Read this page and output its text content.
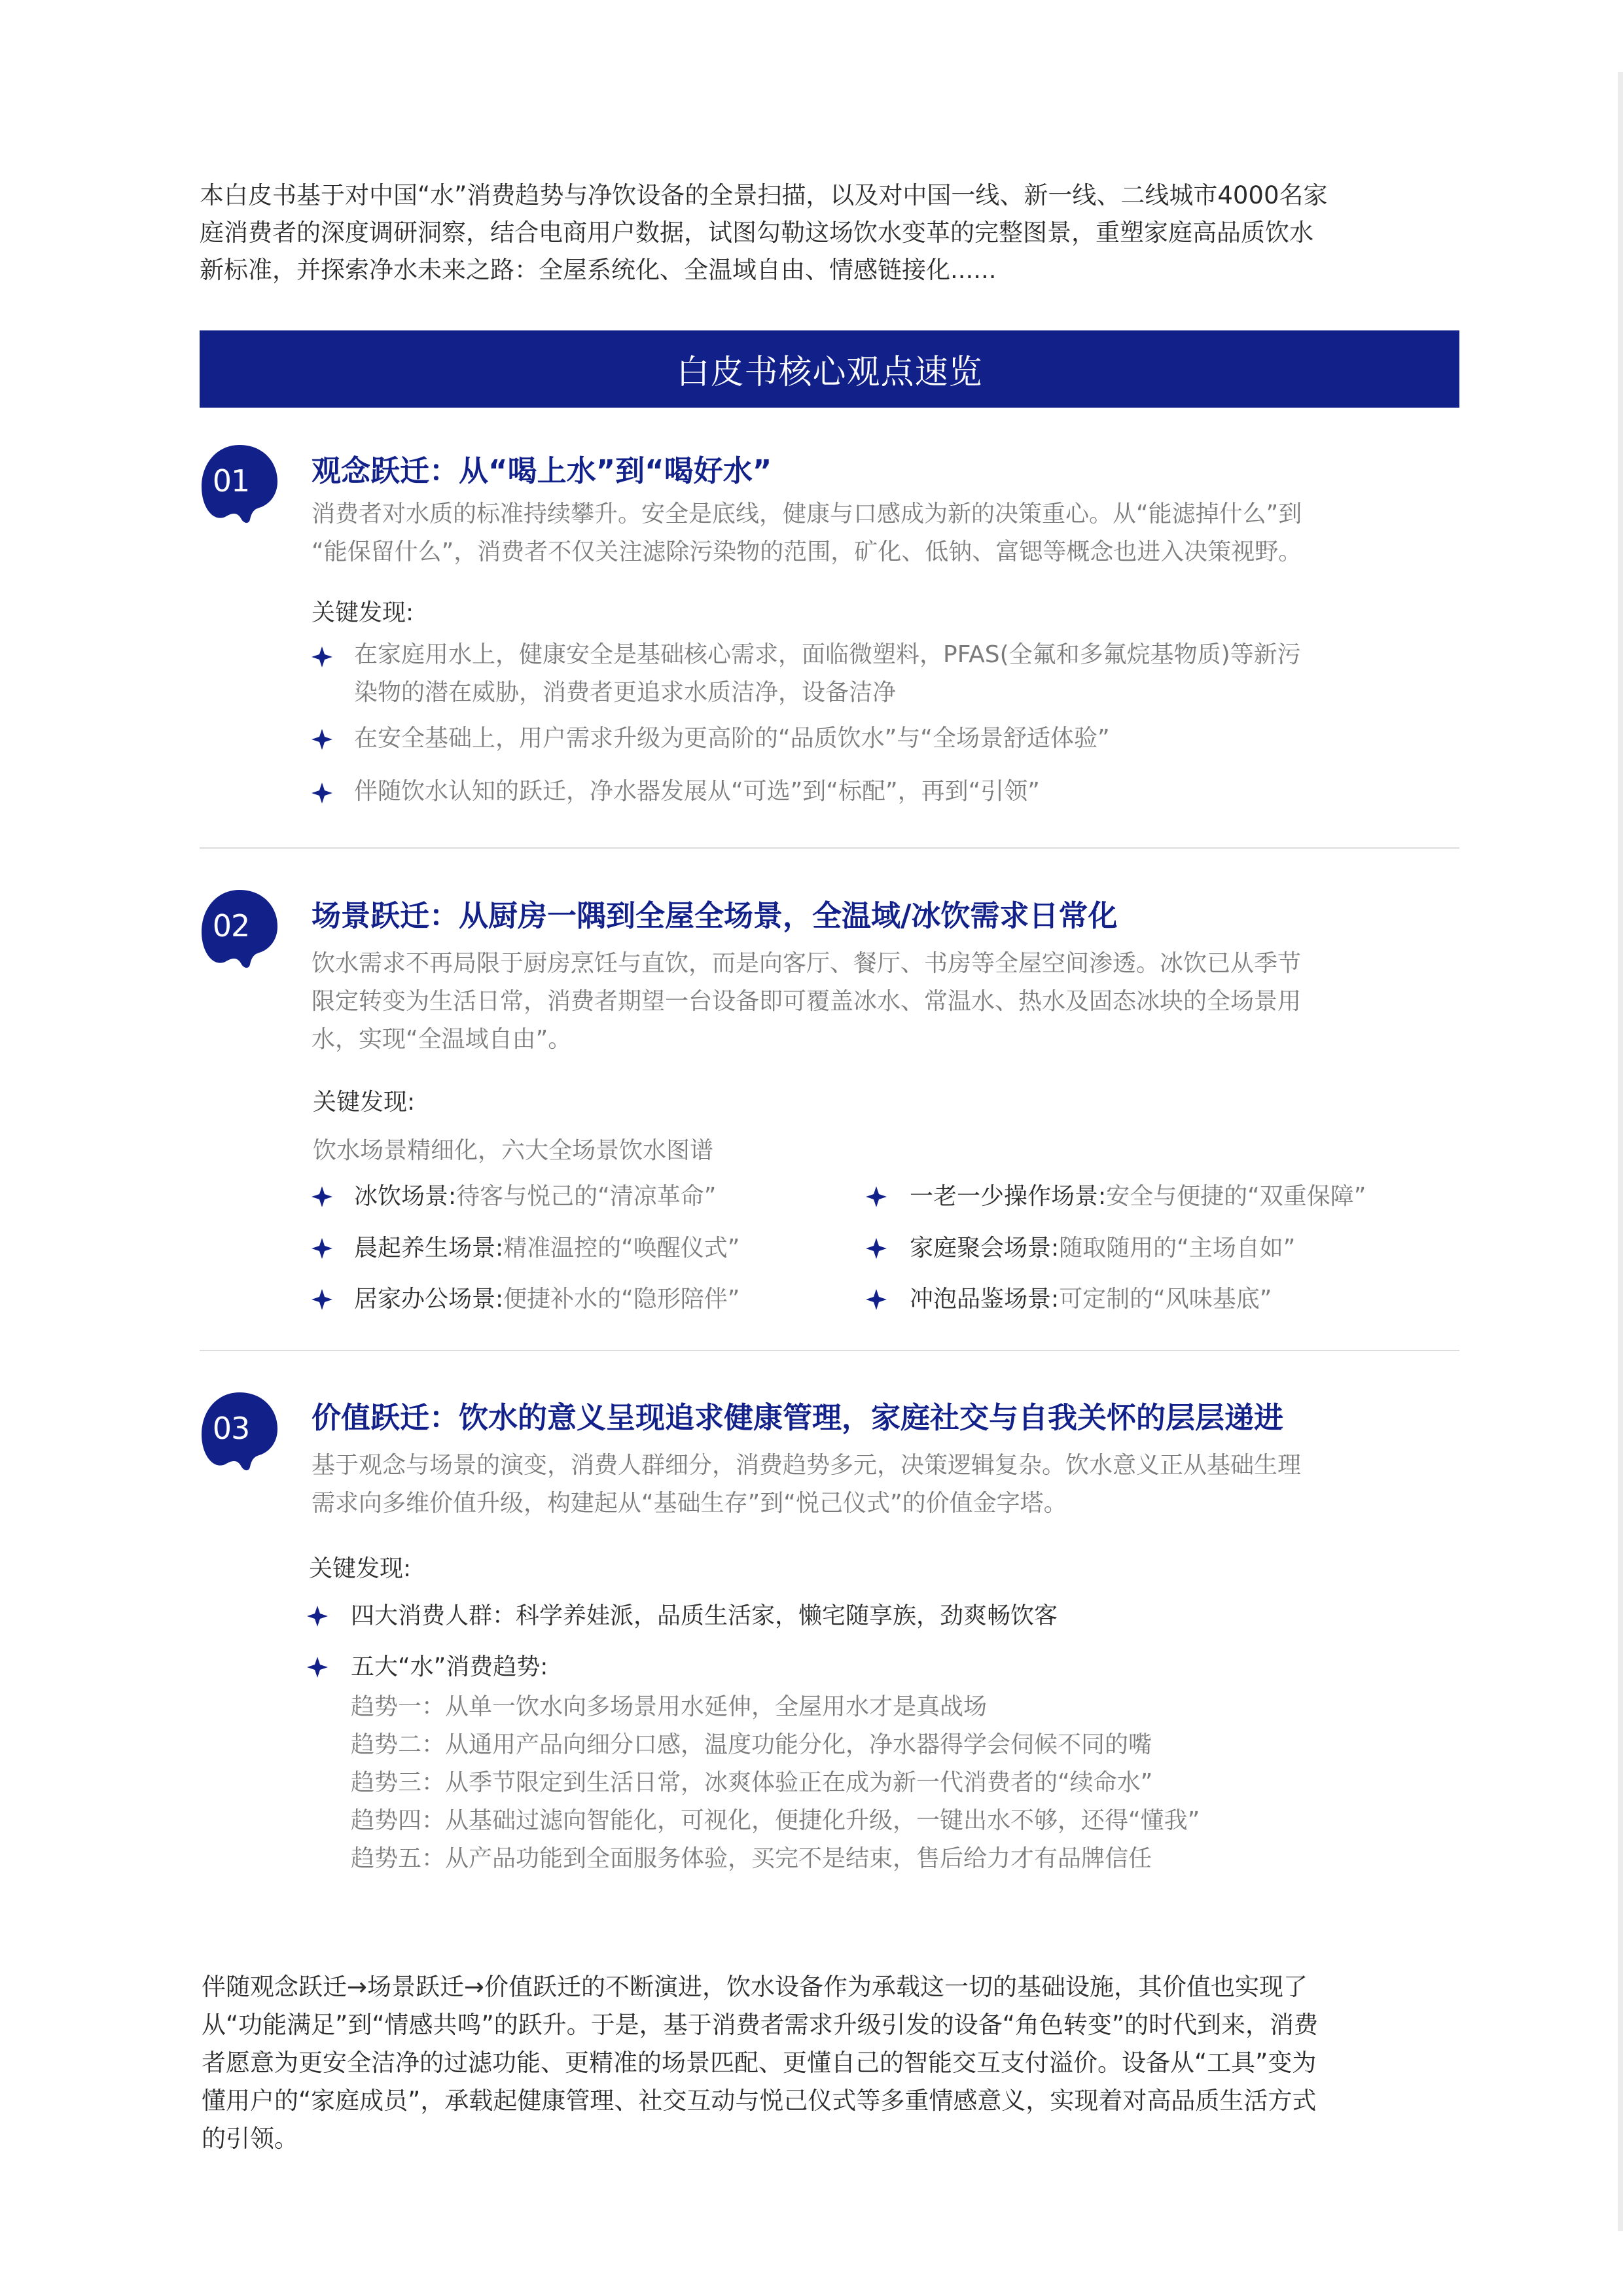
本白皮书基于对中国“水”消费趋势与净饮设备的全景扫描，以及对中国一线、新一线、二线城市4000名家
庭消费者的深度调研洞察，结合电商用户数据，试图勾勒这场饮水变革的完整图景，重塑家庭高品质饮水
新标准，并探索净水未来之路：全屋系统化、全温域自由、情感链接化......
白皮书核心观点速览
01 观念跃迁：从“喝上水”到“喝好水”
消费者对水质的标准持续攀升。安全是底线，健康与口感成为新的决策重心。从“能滤掉什么”到
“能保留什么”，消费者不仅关注滤除污染物的范围，矿化、低钠、富锶等概念也进入决策视野。
关键发现:
在家庭用水上，健康安全是基础核心需求，面临微塑料，PFAS(全氟和多氟烷基物质)等新污
染物的潜在威胁，消费者更追求水质洁净，设备洁净
在安全基础上，用户需求升级为更高阶的“品质饮水”与“全场景舒适体验”
伴随饮水认知的跃迁，净水器发展从“可选”到“标配”，再到“引领”
02 场景跃迁：从厨房一隅到全屋全场景，全温域/冰饮需求日常化
饮水需求不再局限于厨房烹饪与直饮，而是向客厅、餐厅、书房等全屋空间渗透。冰饮已从季节
限定转变为生活日常，消费者期望一台设备即可覆盖冰水、常温水、热水及固态冰块的全场景用
水，实现“全温域自由”。
关键发现:
饮水场景精细化，六大全场景饮水图谱
冰饮场景:待客与悦己的“清凉革命”	一老一少操作场景:安全与便捷的“双重保障”
晨起养生场景:精准温控的“唤醒仪式”	家庭聚会场景:随取随用的“主场自如”
居家办公场景:便捷补水的“隐形陪伴”	冲泡品鉴场景:可定制的“风味基底”
03 价值跃迁：饮水的意义呈现追求健康管理，家庭社交与自我关怀的层层递进
基于观念与场景的演变，消费人群细分，消费趋势多元，决策逻辑复杂。饮水意义正从基础生理
需求向多维价值升级，构建起从“基础生存”到“悦己仪式”的价值金字塔。
关键发现:
四大消费人群：科学养娃派，品质生活家，懒宅随享族，劲爽畅饮客
五大“水”消费趋势:
趋势一：从单一饮水向多场景用水延伸，全屋用水才是真战场
趋势二：从通用产品向细分口感，温度功能分化，净水器得学会伺候不同的嘴
趋势三：从季节限定到生活日常，冰爽体验正在成为新一代消费者的“续命水”
趋势四：从基础过滤向智能化，可视化，便捷化升级，一键出水不够，还得“懂我”
趋势五：从产品功能到全面服务体验，买完不是结束，售后给力才有品牌信任
伴随观念跃迁→场景跃迁→价值跃迁的不断演进，饮水设备作为承载这一切的基础设施，其价值也实现了
从“功能满足”到“情感共鸣”的跃升。于是，基于消费者需求升级引发的设备“角色转变”的时代到来，消费
者愿意为更安全洁净的过滤功能、更精准的场景匹配、更懂自己的智能交互支付溢价。设备从“工具”变为
懂用户的“家庭成员”，承载起健康管理、社交互动与悦己仪式等多重情感意义，实现着对高品质生活方式
的引领。
